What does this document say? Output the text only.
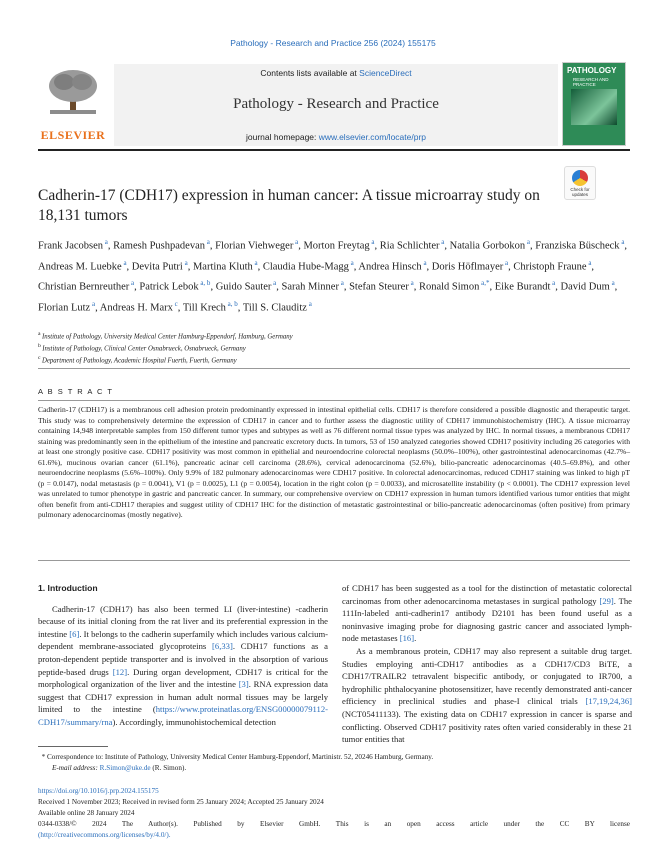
Pathology - Research and Practice 256 (2024) 155175
ELSEVIER
Contents lists available at ScienceDirect
Pathology - Research and Practice
journal homepage: www.elsevier.com/locate/prp
PATHOLOGY
RESEARCH AND PRACTICE
Check for updates
Cadherin-17 (CDH17) expression in human cancer: A tissue microarray study on 18,131 tumors
Frank Jacobsen $^a$, Ramesh Pushpadevan $^a$, Florian Viehweger $^a$, Morton Freytag $^a$, Ria Schlichter $^a$, Natalia Gorbokon $^a$, Franziska Büscheck $^a$, Andreas M. Luebke $^a$, Devita Putri $^a$, Martina Kluth $^a$, Claudia Hube-Magg $^a$, Andrea Hinsch $^a$, Doris Höflmayer $^a$, Christoph Fraune $^a$, Christian Bernreuther $^a$, Patrick Lebok $^{a, b}$, Guido Sauter $^a$, Sarah Minner $^a$, Stefan Steurer $^a$, Ronald Simon $^{a,*}$, Eike Burandt $^a$, David Dum $^a$, Florian Lutz $^a$, Andreas H. Marx $^c$, Till Krech $^{a, b}$, Till S. Clauditz $^a$
$^a$ Institute of Pathology, University Medical Center Hamburg-Eppendorf, Hamburg, Germany
$^b$ Institute of Pathology, Clinical Center Osnabrueck, Osnabrueck, Germany
$^c$ Department of Pathology, Academic Hospital Fuerth, Fuerth, Germany
A B S T R A C T
Cadherin-17 (CDH17) is a membranous cell adhesion protein predominantly expressed in intestinal epithelial cells. CDH17 is therefore considered a possible diagnostic and therapeutic target. This study was to comprehensively determine the expression of CDH17 in cancer and to further assess the diagnostic utility of CDH17 immunohistochemistry (IHC). A tissue microarray containing 14,948 interpretable samples from 150 different tumor types and subtypes as well as 76 different normal tissue types was analyzed by IHC. In normal tissues, a membranous CDH17 staining was predominantly seen in the epithelium of the intestine and pancreatic excretory ducts. In tumors, 53 of 150 analyzed categories showed CDH17 positivity including 26 categories with at least one strongly positive case. CDH17 positivity was most common in epithelial and neuroendocrine colorectal neoplasms (50.0%–100%), other gastrointestinal adenocarcinomas (42.7%–61.6%), mucinous ovarian cancer (61.1%), pancreatic acinar cell carcinoma (28.6%), cervical adenocarcinoma (52.6%), bilio-pancreatic adenocarcinomas (40.5–69.8%), and other neuroendocrine neoplasms (5.6%–100%). Only 9.9% of 182 pulmonary adenocarcinomas were CDH17 positive. In colorectal adenocarcinomas, reduced CDH17 staining was linked to high pT (p = 0.0147), nodal metastasis (p = 0.0041), V1 (p = 0.0025), L1 (p = 0.0054), location in the right colon (p = 0.0033), and microsatellite instability (p < 0.0001). The CDH17 expression level was unrelated to tumor phenotype in gastric and pancreatic cancer. In summary, our comprehensive overview on CDH17 expression in human tumors identified various tumor entities that might often benefit from anti-CDH17 therapies and suggest utility of CDH17 IHC for the distinction of metastatic gastrointestinal or bilio-pancreatic adenocarcinomas (often positive) from primary pulmonary adenocarcinomas (mostly negative).
1. Introduction

Cadherin-17 (CDH17) has also been termed LI (liver-intestine) -cadherin because of its initial cloning from the rat liver and its preferential expression in the intestine [6]. It belongs to the cadherin superfamily which includes various calcium-dependent membrane-associated glycoproteins [6,33]. CDH17 functions as a proton-dependent peptide transporter and is involved in the absorption of various peptide-based drugs [12]. During organ development, CDH17 is critical for the morphological organization of the liver and the intestine [3]. RNA expression data suggest that CDH17 expression in human adult normal tissues may be largely limited to the intestine (https://www.proteinatlas.org/ENSG00000079112-CDH17/summary/rna). Accordingly, immunohistochemical detection

of CDH17 has been suggested as a tool for the distinction of metastatic colorectal carcinomas from other adenocarcinoma metastases in surgical pathology [29]. The 111In-labeled anti-cadherin17 antibody D2101 has been found useful as a noninvasive imaging probe for diagnosing gastric cancer and associated lymph-node metastases [16].

As a membranous protein, CDH17 may also represent a suitable drug target. Studies employing anti-CDH17 antibodies as a CDH17/CD3 BiTE, a CDH17/TRAILR2 tetravalent bispecific antibody, or conjugated to IR700, a hydrophilic phthalocyanine photosensitizer, have recently demonstrated anti-cancer efficiency in preclinical studies and phase-I clinical trials [17,19,24,36] (NCT05411133). The existing data on CDH17 expression in cancer is sparse and conflicting. Observed CDH17 positivity rates often varied considerably in these 21 tumor entities that

* Correspondence to: Institute of Pathology, University Medical Center Hamburg-Eppendorf, Martinistr. 52, 20246 Hamburg, Germany.
E-mail address: R.Simon@uke.de (R. Simon).
https://doi.org/10.1016/j.prp.2024.155175
Received 1 November 2023; Received in revised form 25 January 2024; Accepted 25 January 2024
Available online 28 January 2024
0344-0338/© 2024 The Author(s). Published by Elsevier GmbH. This is an open access article under the CC BY license
(http://creativecommons.org/licenses/by/4.0/).
